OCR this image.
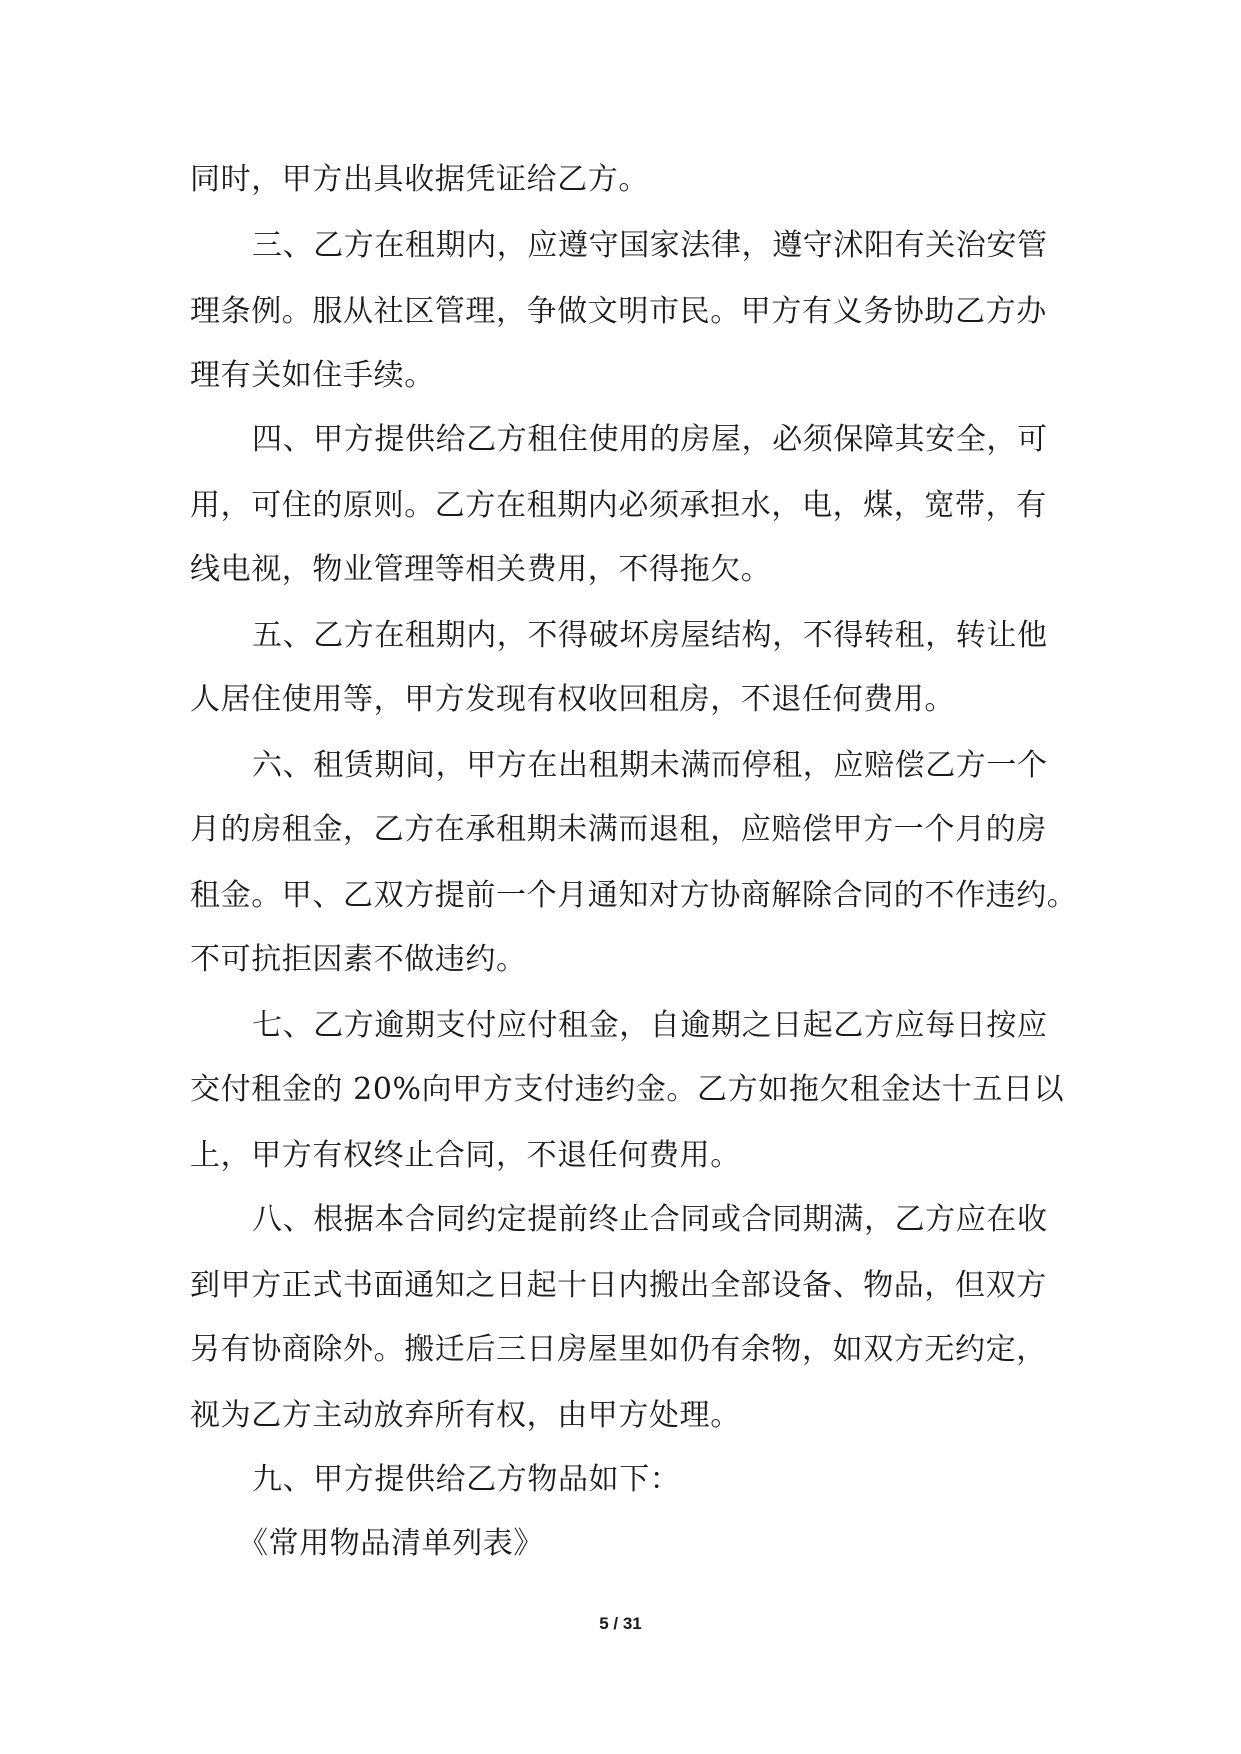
同时，甲方出具收据凭证给乙方。

三、乙方在租期内，应遵守国家法律，遵守沭阳有关治安管

理条例。服从社区管理，争做文明市民。甲方有义务协助乙方办

理有关如住手续。

四、甲方提供给乙方租住使用的房屋，必须保障其安全，可

用，可住的原则。乙方在租期内必须承担水，电，煤，宽带，有

线电视，物业管理等相关费用，不得拖欠。

五、乙方在租期内，不得破坏房屋结构，不得转租，转让他

人居住使用等，甲方发现有权收回租房，不退任何费用。

六、租赁期间，甲方在出租期未满而停租，应赔偿乙方一个

月的房租金，乙方在承租期未满而退租，应赔偿甲方一个月的房

租金。甲、乙双方提前一个月通知对方协商解除合同的不作违约。

不可抗拒因素不做违约。

七、乙方逾期支付应付租金，自逾期之日起乙方应每日按应

交付租金的 20%向甲方支付违约金。乙方如拖欠租金达十五日以

上，甲方有权终止合同，不退任何费用。

八、根据本合同约定提前终止合同或合同期满，乙方应在收

到甲方正式书面通知之日起十日内搬出全部设备、物品，但双方

另有协商除外。搬迁后三日房屋里如仍有余物，如双方无约定，

视为乙方主动放弃所有权，由甲方处理。

九、甲方提供给乙方物品如下：

《常用物品清单列表》

5 / 31
